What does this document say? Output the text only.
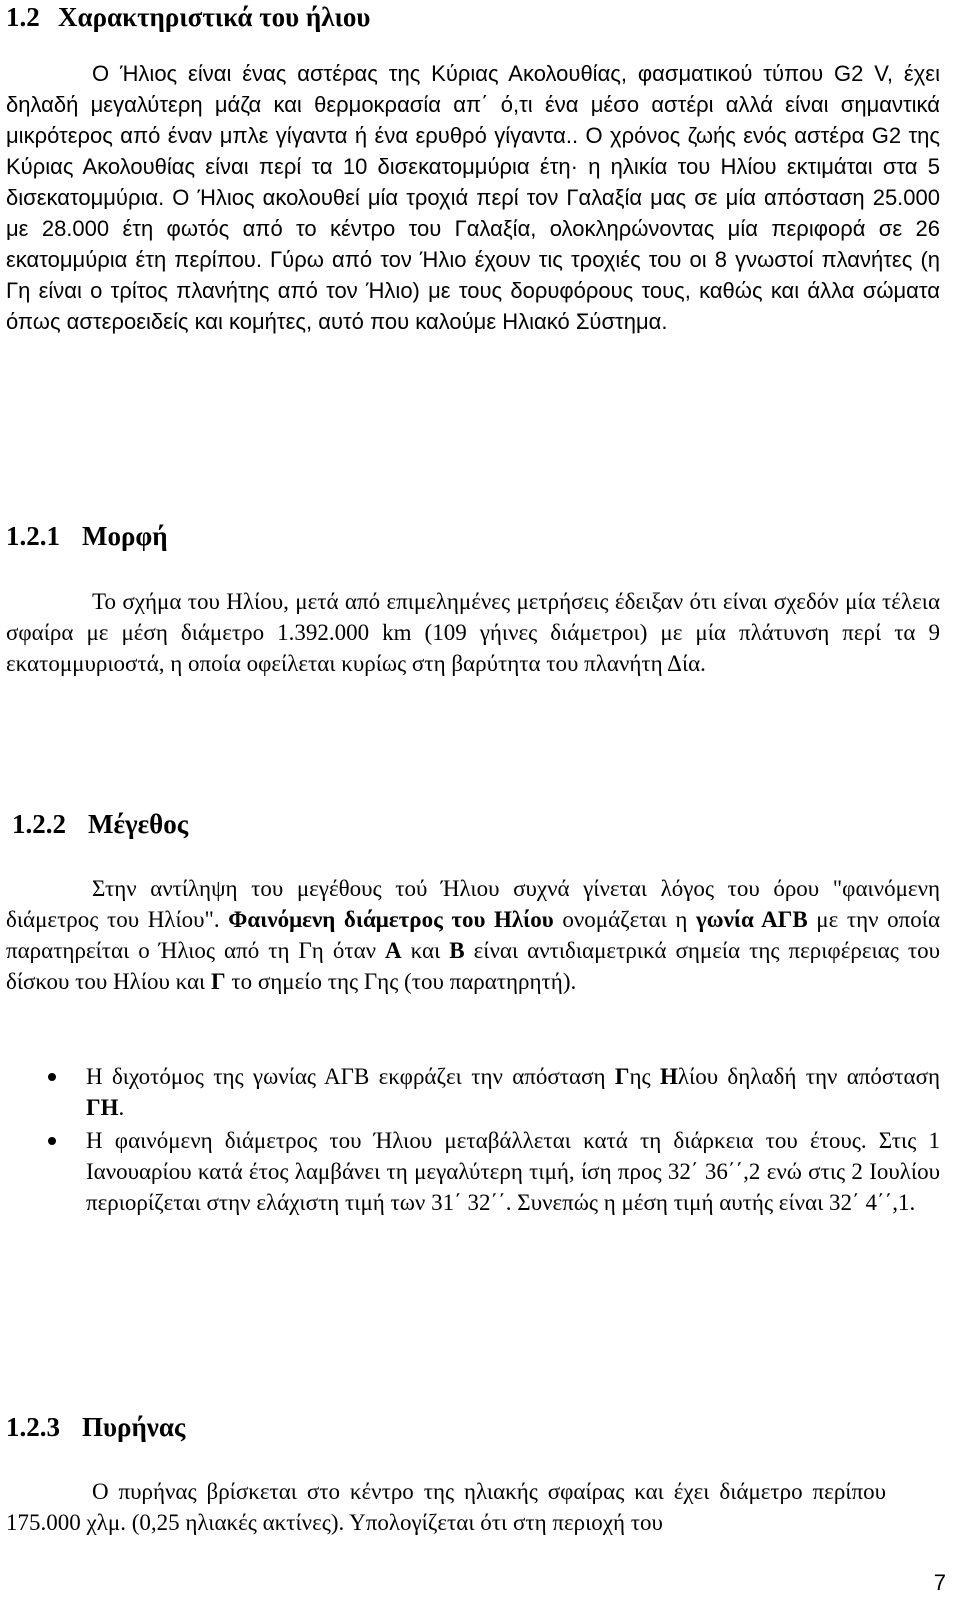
1.2 Χαρακτηριστικά του ήλιου

Ο Ήλιος είναι ένας αστέρας της Κύριας Ακολουθίας, φασματικού τύπου G2 V, έχει δηλαδή μεγαλύτερη μάζα και θερμοκρασία απ΄ ό,τι ένα μέσο αστέρι αλλά είναι σημαντικά μικρότερος από έναν μπλε γίγαντα ή ένα ερυθρό γίγαντα.. Ο χρόνος ζωής ενός αστέρα G2 της Κύριας Ακολουθίας είναι περί τα 10 δισεκατομμύρια έτη· η ηλικία του Ηλίου εκτιμάται στα 5 δισεκατομμύρια. Ο Ήλιος ακολουθεί μία τροχιά περί τον Γαλαξία μας σε μία απόσταση 25.000 με 28.000 έτη φωτός από το κέντρο του Γαλαξία, ολοκληρώνοντας μία περιφορά σε 26 εκατομμύρια έτη περίπου. Γύρω από τον Ήλιο έχουν τις τροχιές του οι 8 γνωστοί πλανήτες (η Γη είναι ο τρίτος πλανήτης από τον Ήλιο) με τους δορυφόρους τους, καθώς και άλλα σώματα όπως αστεροειδείς και κομήτες, αυτό που καλούμε Ηλιακό Σύστημα.

1.2.1 Μορφή

Το σχήμα του Ηλίου, μετά από επιμελημένες μετρήσεις έδειξαν ότι είναι σχεδόν μία τέλεια σφαίρα με μέση διάμετρο 1.392.000 km (109 γήινες διάμετροι) με μία πλάτυνση περί τα 9 εκατομμυριοστά, η οποία οφείλεται κυρίως στη βαρύτητα του πλανήτη Δία.

1.2.2 Μέγεθος

Στην αντίληψη του μεγέθους τού Ήλιου συχνά γίνεται λόγος του όρου "φαινόμενη διάμετρος του Ηλίου". Φαινόμενη διάμετρος του Ηλίου ονομάζεται η γωνία ΑΓΒ με την οποία παρατηρείται ο Ήλιος από τη Γη όταν Α και Β είναι αντιδιαμετρικά σημεία της περιφέρειας του δίσκου του Ηλίου και Γ το σημείο της Γης (του παρατηρητή).

Η διχοτόμος της γωνίας ΑΓΒ εκφράζει την απόσταση Γης Ηλίου δηλαδή την απόσταση ΓΗ.
Η φαινόμενη διάμετρος του Ήλιου μεταβάλλεται κατά τη διάρκεια του έτους. Στις 1 Ιανουαρίου κατά έτος λαμβάνει τη μεγαλύτερη τιμή, ίση προς 32΄ 36΄΄,2 ενώ στις 2 Ιουλίου περιορίζεται στην ελάχιστη τιμή των 31΄ 32΄΄. Συνεπώς η μέση τιμή αυτής είναι 32΄ 4΄΄,1.
1.2.3 Πυρήνας

Ο πυρήνας βρίσκεται στο κέντρο της ηλιακής σφαίρας και έχει διάμετρο περίπου 175.000 χλμ. (0,25 ηλιακές ακτίνες). Υπολογίζεται ότι στη περιοχή του

7
